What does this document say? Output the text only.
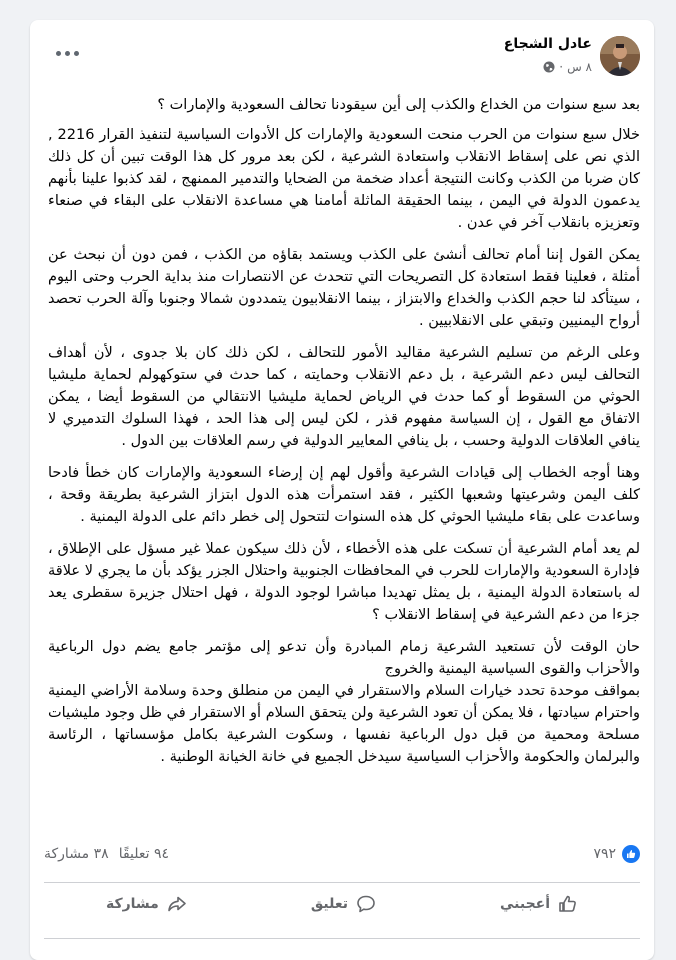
عادل الشجاع
٨ س
·

بعد سبع سنوات من الخداع والكذب إلى أين سيقودنا تحالف السعودية والإمارات ؟

خلال سبع سنوات من الحرب منحت السعودية والإمارات كل الأدوات السياسية لتنفيذ القرار 2216 , الذي نص على إسقاط الانقلاب واستعادة الشرعية ، لكن بعد مرور كل هذا الوقت تبين أن كل ذلك كان ضربا من الكذب وكانت النتيجة أعداد ضخمة من الضحايا والتدمير الممنهج ، لقد كذبوا علينا بأنهم يدعمون الدولة في اليمن ، بينما الحقيقة الماثلة أمامنا هي مساعدة الانقلاب على البقاء في صنعاء وتعزيزه بانقلاب آخر في عدن .

يمكن القول إننا أمام تحالف أنشئ على الكذب ويستمد بقاؤه من الكذب ، فمن دون أن نبحث عن أمثلة ، فعلينا فقط استعادة كل التصريحات التي تتحدث عن الانتصارات منذ بداية الحرب وحتى اليوم ، سيتأكد لنا حجم الكذب والخداع والابتزاز ، بينما الانقلابيون يتمددون شمالا وجنوبا وآلة الحرب تحصد أرواح اليمنيين وتبقي على الانقلابيين .

وعلى الرغم من تسليم الشرعية مقاليد الأمور للتحالف ، لكن ذلك كان بلا جدوى ، لأن أهداف التحالف ليس دعم الشرعية ، بل دعم الانقلاب وحمايته ، كما حدث في ستوكهولم لحماية مليشيا الحوثي من السقوط أو كما حدث في الرياض لحماية مليشيا الانتقالي من السقوط أيضا ، يمكن الاتفاق مع القول ، إن السياسة مفهوم قذر ، لكن ليس إلى هذا الحد ، فهذا السلوك التدميري لا ينافي العلاقات الدولية وحسب ، بل ينافي المعايير الدولية في رسم العلاقات بين الدول .

وهنا أوجه الخطاب إلى قيادات الشرعية وأقول لهم إن إرضاء السعودية والإمارات كان خطأ فادحا كلف اليمن وشرعيتها وشعبها الكثير ، فقد استمرأت هذه الدول ابتزاز الشرعية بطريقة وقحة ، وساعدت على بقاء مليشيا الحوثي كل هذه السنوات لتتحول إلى خطر دائم على الدولة اليمنية .

لم يعد أمام الشرعية أن تسكت على هذه الأخطاء ، لأن ذلك سيكون عملا غير مسؤل على الإطلاق ، فإدارة السعودية والإمارات للحرب في المحافظات الجنوبية واحتلال الجزر يؤكد بأن ما يجري لا علاقة له باستعادة الدولة اليمنية ، بل يمثل تهديدا مباشرا لوجود الدولة ، فهل احتلال جزيرة سقطرى يعد جزءا من دعم الشرعية في إسقاط الانقلاب ؟

حان الوقت لأن تستعيد الشرعية زمام المبادرة وأن تدعو إلى مؤتمر جامع يضم دول الرباعية والأحزاب والقوى السياسية اليمنية والخروج

بمواقف موحدة تحدد خيارات السلام والاستقرار في اليمن من منطلق وحدة وسلامة الأراضي اليمنية واحترام سيادتها ، فلا يمكن أن تعود الشرعية ولن يتحقق السلام أو الاستقرار في ظل وجود مليشيات مسلحة ومحمية من قبل دول الرباعية نفسها ، وسكوت الشرعية بكامل مؤسساتها ، الرئاسة والبرلمان والحكومة والأحزاب السياسية سيدخل الجميع في خانة الخيانة الوطنية .

٧٩٢
٩٤ تعليقًا
٣٨ مشاركة
أعجبني
تعليق
مشاركة
